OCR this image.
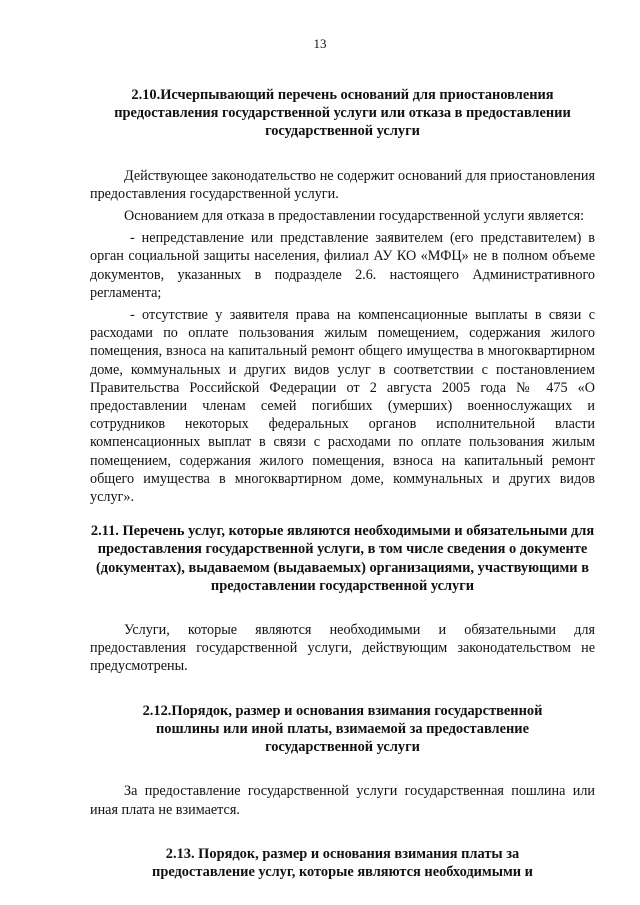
13

2.10.Исчерпывающий перечень оснований для приостановления предоставления государственной услуги или отказа в предоставлении государственной услуги

Действующее законодательство не содержит оснований для приостановления предоставления государственной услуги.

Основанием для отказа в предоставлении государственной услуги является:

- непредставление или представление заявителем (его представителем) в орган социальной защиты населения, филиал АУ КО «МФЦ» не в полном объеме документов, указанных в подразделе 2.6. настоящего Административного регламента;

- отсутствие у заявителя права на компенсационные выплаты в связи с расходами по оплате пользования жилым помещением, содержания жилого помещения, взноса на капитальный ремонт общего имущества в многоквартирном доме, коммунальных и других видов услуг в соответствии с постановлением Правительства Российской Федерации от 2 августа 2005 года № 475 «О предоставлении членам семей погибших (умерших) военнослужащих и сотрудников некоторых федеральных органов исполнительной власти компенсационных выплат в связи с расходами по оплате пользования жилым помещением, содержания жилого помещения, взноса на капитальный ремонт общего имущества в многоквартирном доме, коммунальных и других видов услуг».

2.11. Перечень услуг, которые являются необходимыми и обязательными для предоставления государственной услуги, в том числе сведения о документе (документах), выдаваемом (выдаваемых) организациями, участвующими в предоставлении государственной услуги

Услуги, которые являются необходимыми и обязательными для предоставления государственной услуги, действующим законодательством не предусмотрены.

2.12.Порядок, размер и основания взимания государственной пошлины или иной платы, взимаемой за предоставление государственной услуги

За предоставление государственной услуги государственная пошлина или иная плата не взимается.

2.13. Порядок, размер и основания взимания платы за предоставление услуг, которые являются необходимыми и
